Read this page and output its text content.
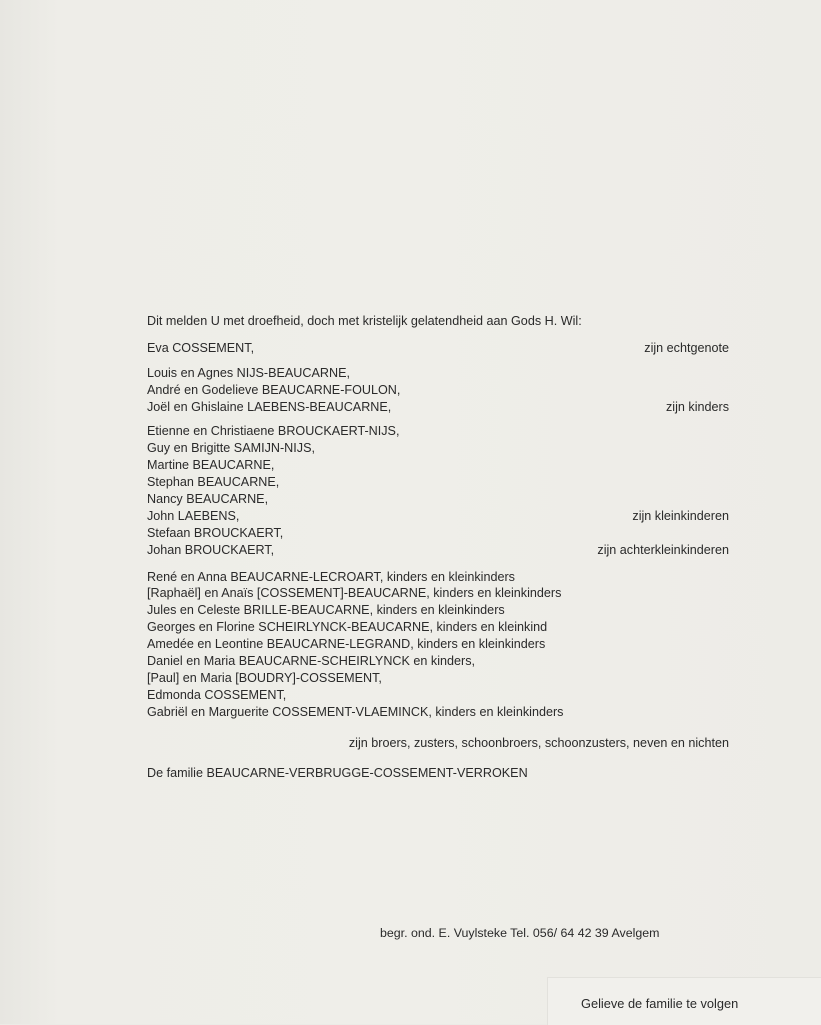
Dit melden U met droefheid, doch met kristelijk gelatendheid aan Gods H. Wil:
Eva COSSEMENT,	zijn echtgenote
Louis en Agnes NIJS-BEAUCARNE,
André en Godelieve BEAUCARNE-FOULON,
Joël en Ghislaine LAEBENS-BEAUCARNE,	zijn kinders
Etienne en Christiaene BROUCKAERT-NIJS,
Guy en Brigitte SAMIJN-NIJS,
Martine BEAUCARNE,
Stephan BEAUCARNE,
Nancy BEAUCARNE,
John LAEBENS,	zijn kleinkinderen
Stefaan BROUCKAERT,
Johan BROUCKAERT,	zijn achterkleinkinderen
René en Anna BEAUCARNE-LECROART, kinders en kleinkinders
[Raphaël] en Anaïs [COSSEMENT]-BEAUCARNE, kinders en kleinkinders
Jules en Celeste BRILLE-BEAUCARNE, kinders en kleinkinders
Georges en Florine SCHEIRLYNCK-BEAUCARNE, kinders en kleinkind
Amedée en Leontine BEAUCARNE-LEGRAND, kinders en kleinkinders
Daniel en Maria BEAUCARNE-SCHEIRLYNCK en kinders,
[Paul] en Maria [BOUDRY]-COSSEMENT,
Edmonda COSSEMENT,
Gabriël en Marguerite COSSEMENT-VLAEMINCK, kinders en kleinkinders
zijn broers, zusters, schoonbroers, schoonzusters, neven en nichten
De familie BEAUCARNE-VERBRUGGE-COSSEMENT-VERROKEN
begr. ond. E. Vuylsteke Tel. 056/ 64 42 39 Avelgem
Gelieve de familie te volgen
